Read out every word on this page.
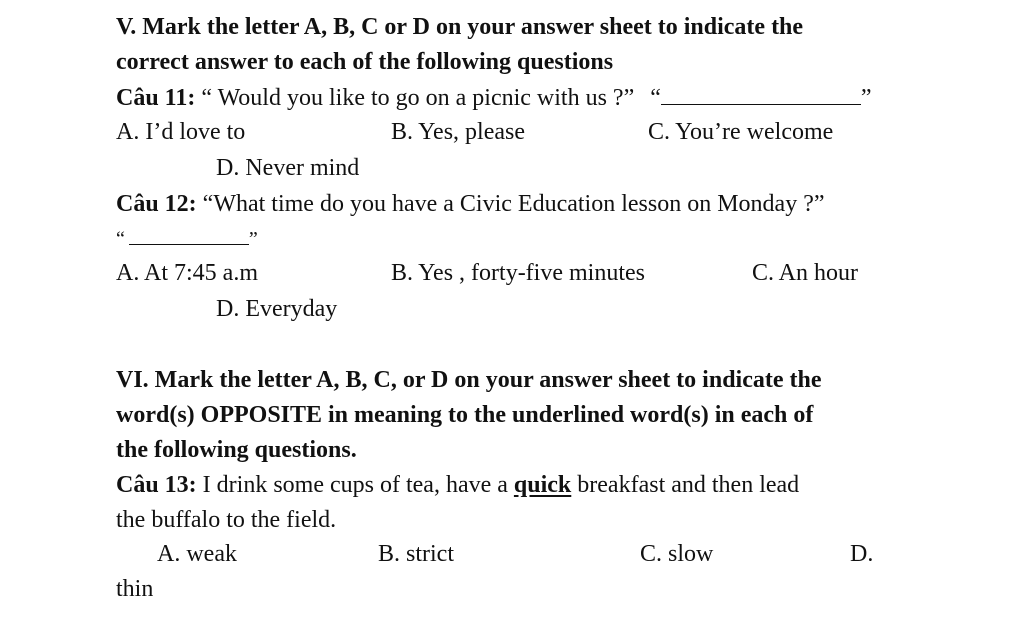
V. Mark the letter A, B, C or D on your answer sheet to indicate the
correct answer to each of the following questions
Câu 11: “ Would you like to go on a picnic with us ?” “	”
A. I’d love to	B. Yes, please	C. You’re welcome
D. Never mind
Câu 12: “What time do you have a Civic Education lesson on Monday ?”
“	”
A. At 7:45 a.m	B. Yes , forty-five minutes	C. An hour
D. Everyday
VI. Mark the letter A, B, C, or D on your answer sheet to indicate the
word(s) OPPOSITE in meaning to the underlined word(s) in each of
the following questions.
Câu 13: I drink some cups of tea, have a quick breakfast and then lead
the buffalo to the field.
A. weak	B. strict	C. slow	D.
thin
